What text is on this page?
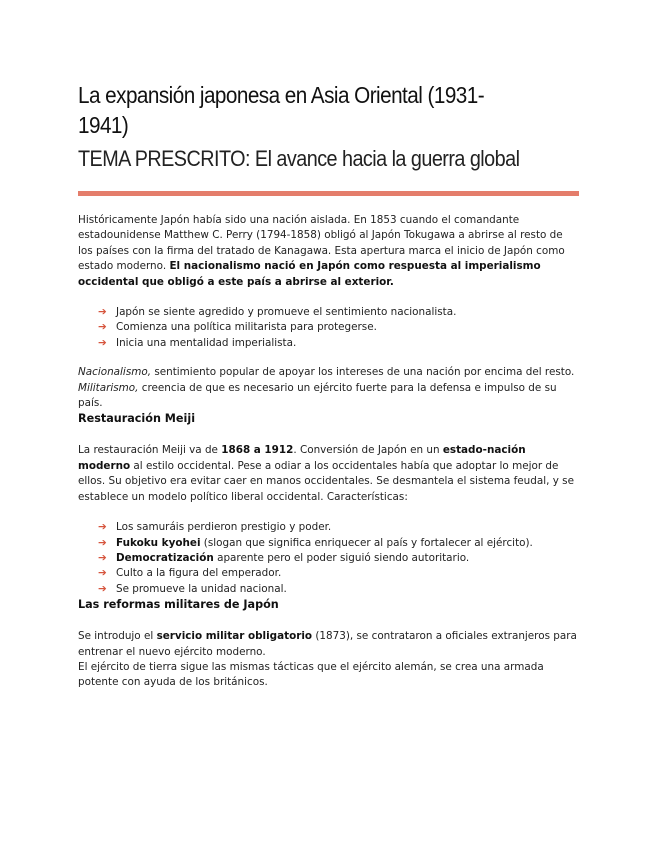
La expansión japonesa en Asia Oriental (1931-1941)
TEMA PRESCRITO: El avance hacia la guerra global

Históricamente Japón había sido una nación aislada. En 1853 cuando el comandante estadounidense Matthew C. Perry (1794-1858) obligó al Japón Tokugawa a abrirse al resto de los países con la firma del tratado de Kanagawa. Esta apertura marca el inicio de Japón como estado moderno. El nacionalismo nació en Japón como respuesta al imperialismo occidental que obligó a este país a abrirse al exterior.

➔ Japón se siente agredido y promueve el sentimiento nacionalista.
➔ Comienza una política militarista para protegerse.
➔ Inicia una mentalidad imperialista.

Nacionalismo, sentimiento popular de apoyar los intereses de una nación por encima del resto.
Militarismo, creencia de que es necesario un ejército fuerte para la defensa e impulso de su país.

Restauración Meiji

La restauración Meiji va de 1868 a 1912. Conversión de Japón en un estado-nación moderno al estilo occidental. Pese a odiar a los occidentales había que adoptar lo mejor de ellos. Su objetivo era evitar caer en manos occidentales. Se desmantela el sistema feudal, y se establece un modelo político liberal occidental. Características:

➔ Los samuráis perdieron prestigio y poder.
➔ Fukoku kyohei (slogan que significa enriquecer al país y fortalecer al ejército).
➔ Democratización aparente pero el poder siguió siendo autoritario.
➔ Culto a la figura del emperador.
➔ Se promueve la unidad nacional.
Las reformas militares de Japón

Se introdujo el servicio militar obligatorio (1873), se contrataron a oficiales extranjeros para entrenar el nuevo ejército moderno.
El ejército de tierra sigue las mismas tácticas que el ejército alemán, se crea una armada potente con ayuda de los británicos.
